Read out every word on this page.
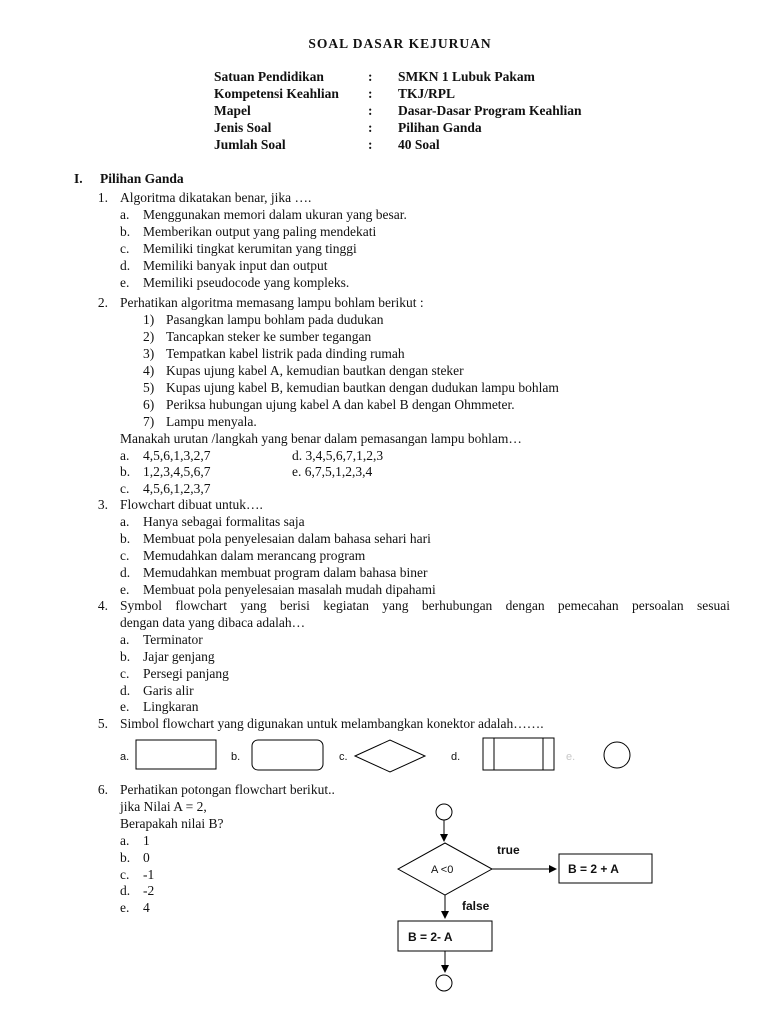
SOAL DASAR KEJURUAN
Satuan Pendidikan	: SMKN 1 Lubuk Pakam
Kompetensi Keahlian : TKJ/RPL
Mapel	: Dasar-Dasar Program Keahlian
Jenis Soal	: Pilihan Ganda
Jumlah Soal	: 40 Soal
I. Pilihan Ganda
1. Algoritma dikatakan benar, jika ….
a.	Menggunakan memori dalam ukuran yang besar.
b. Memberikan output yang paling mendekati
c.	Memiliki tingkat kerumitan yang tinggi
d. Memiliki banyak input dan output
e.	Memiliki pseudocode yang kompleks.
2. Perhatikan algoritma memasang lampu bohlam berikut :
1) Pasangkan lampu bohlam pada dudukan
2) Tancapkan steker ke sumber tegangan
3) Tempatkan kabel listrik pada dinding rumah
4) Kupas ujung kabel A, kemudian bautkan dengan steker
5) Kupas ujung kabel B, kemudian bautkan dengan dudukan lampu bohlam
6) Periksa hubungan ujung kabel A dan kabel B dengan Ohmmeter.
7) Lampu menyala.
Manakah urutan /langkah yang benar dalam pemasangan lampu bohlam…
a.	4,5,6,1,3,2,7	d. 3,4,5,6,7,1,2,3
b. 1,2,3,4,5,6,7	e. 6,7,5,1,2,3,4
c.	4,5,6,1,2,3,7
3. Flowchart dibuat untuk….
a.	Hanya sebagai formalitas saja
b. Membuat pola penyelesaian dalam bahasa sehari hari
c.	Memudahkan dalam merancang program
d. Memudahkan membuat program dalam bahasa biner
e.	Membuat pola penyelesaian masalah mudah dipahami
4. Symbol flowchart yang berisi kegiatan yang berhubungan dengan pemecahan persoalan sesuai
dengan data yang dibaca adalah…
a.	Terminator
b. Jajar genjang
c.	Persegi panjang
d. Garis alir
e.	Lingkaran
5. Simbol flowchart yang digunakan untuk melambangkan konektor adalah…….
a.	b.	c.	d.	e.
6. Perhatikan potongan flowchart berikut..
jika Nilai A = 2,
Berapakah nilai B?
a.	1
b. 0
c.	-1
d. -2
e.	4
A <0
true
B = 2 + A
false
B = 2- A
